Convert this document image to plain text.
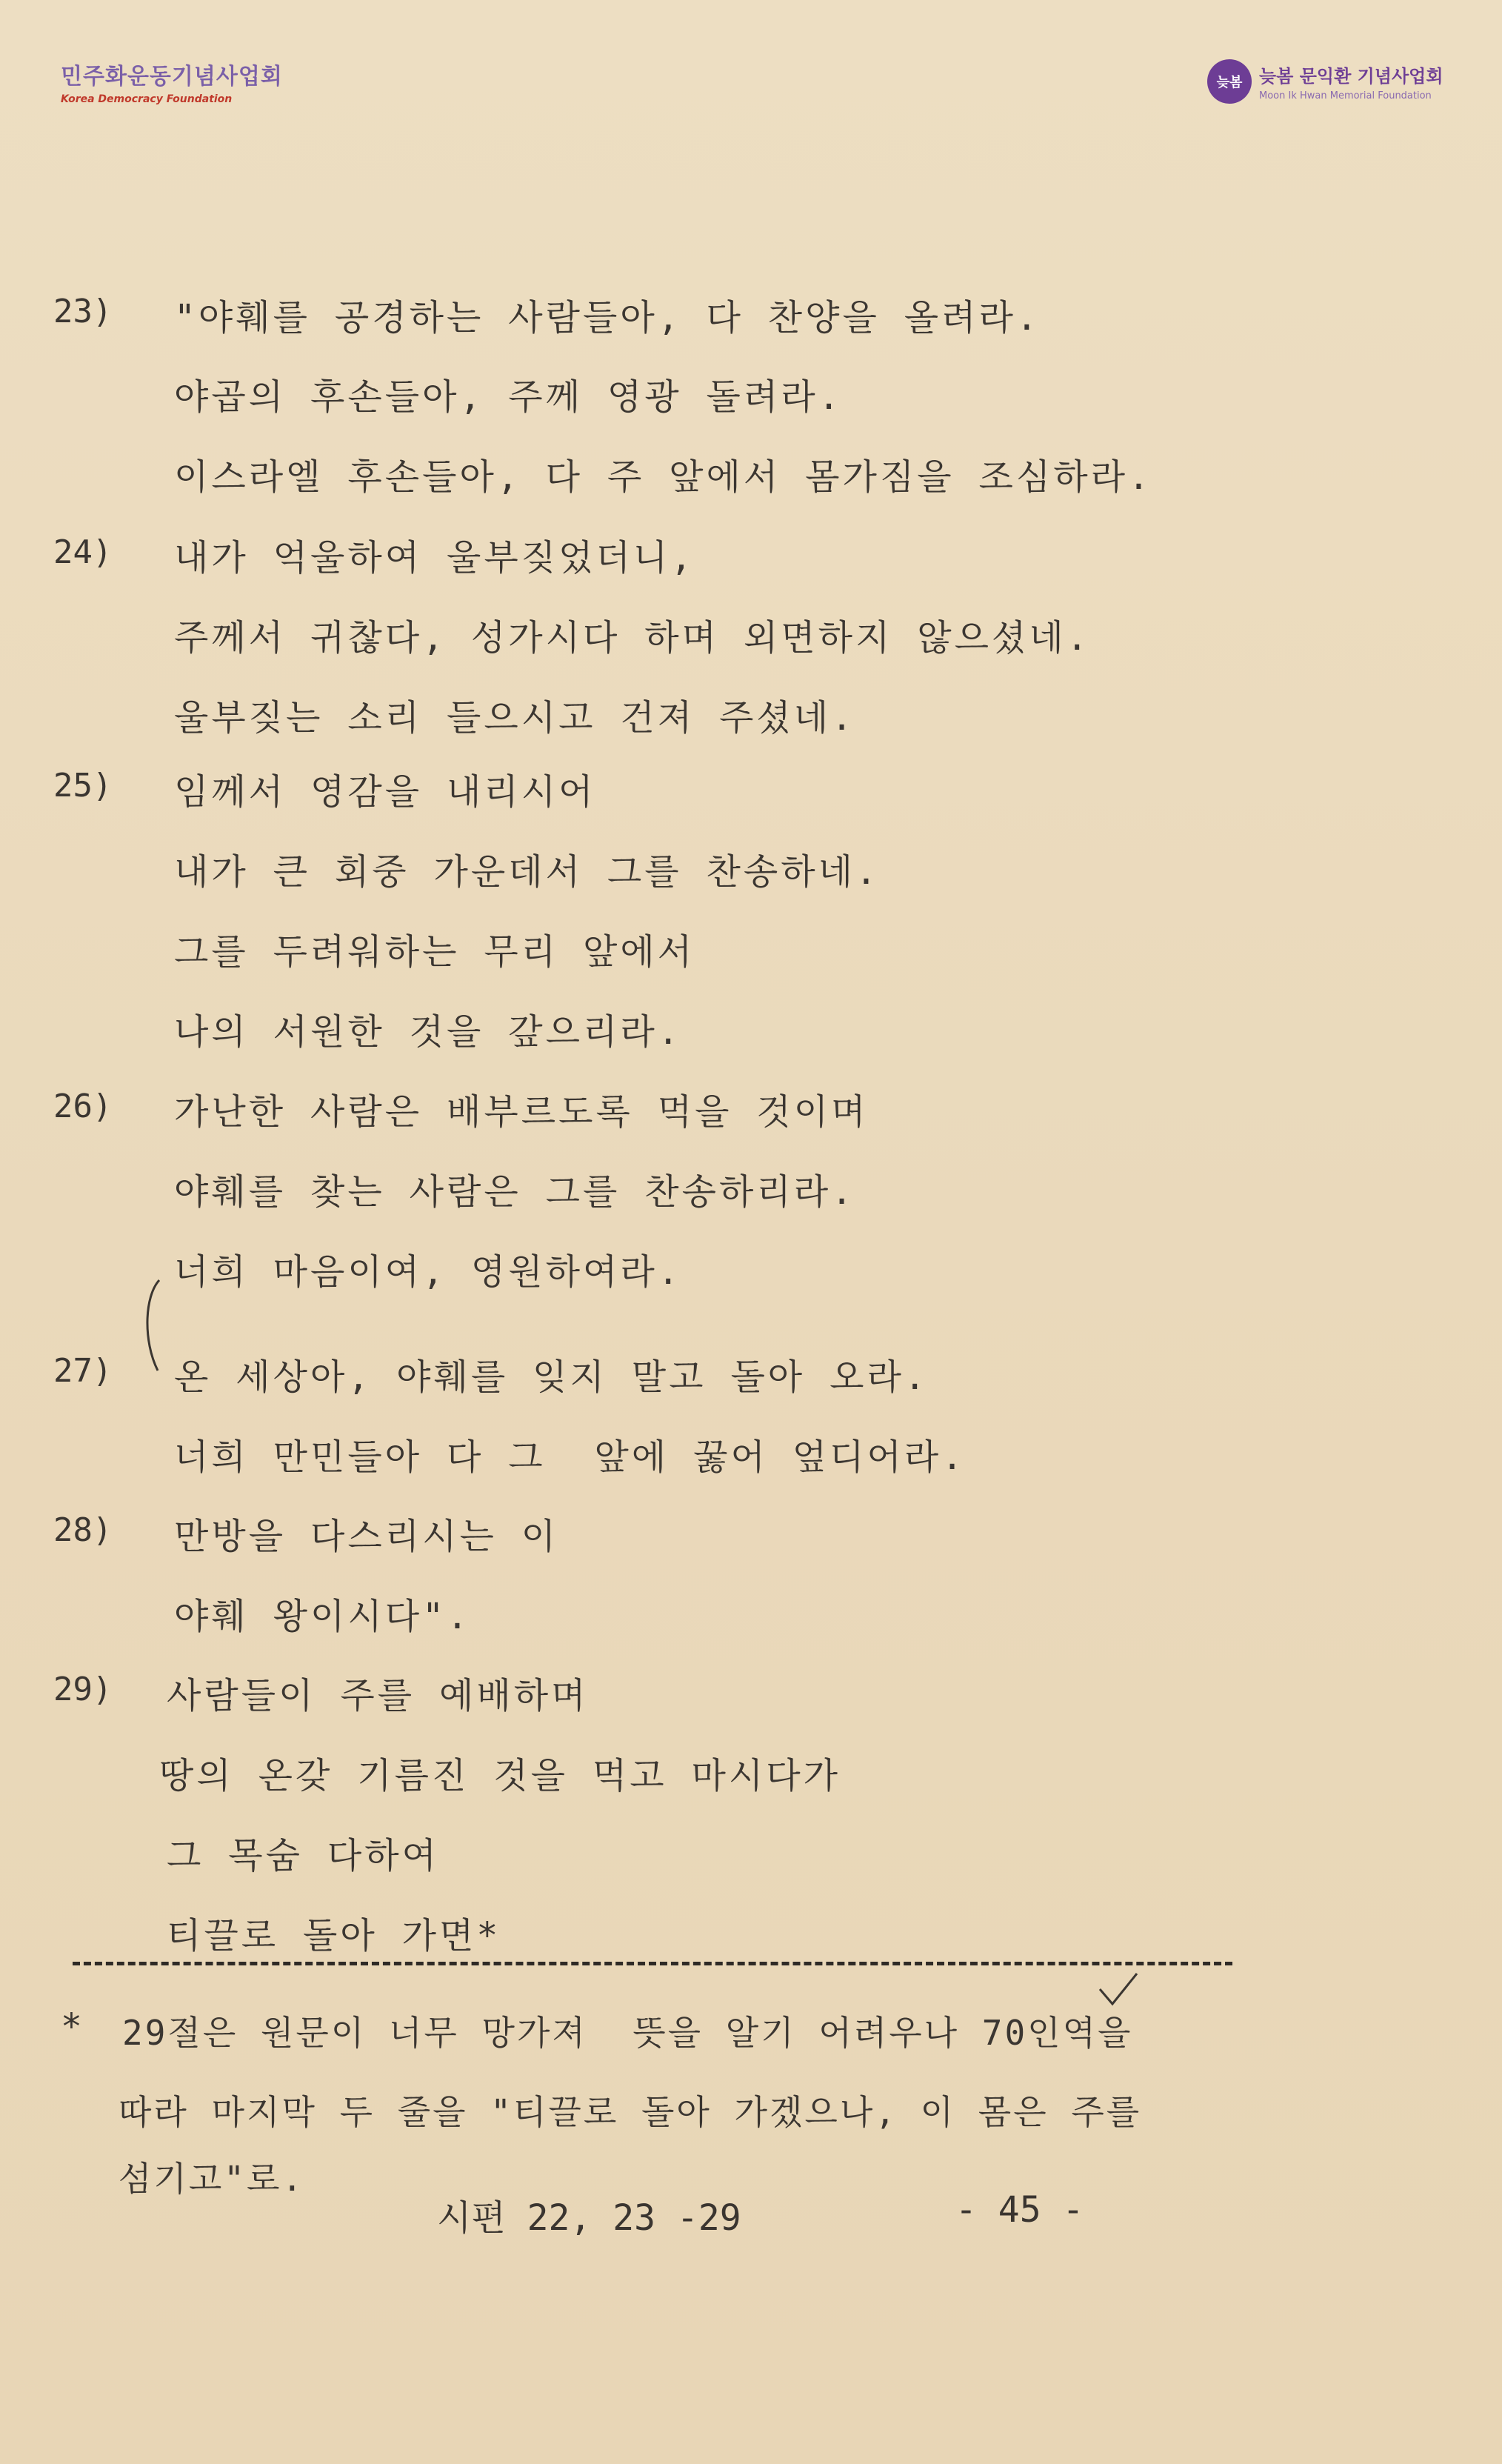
민주화운동기념사업회
Korea Democracy Foundation
늦봄 늦봄 문익환 기념사업회
Moon Ik Hwan Memorial Foundation
23) "야훼를 공경하는 사람들아, 다 찬양을 올려라.
야곱의 후손들아, 주께 영광 돌려라.
이스라엘 후손들아, 다 주 앞에서 몸가짐을 조심하라.
24) 내가 억울하여 울부짖었더니,
주께서 귀찮다, 성가시다 하며 외면하지 않으셨네.
울부짖는 소리 들으시고 건져 주셨네.
25) 임께서 영감을 내리시어
내가 큰 회중 가운데서 그를 찬송하네.
그를 두려워하는 무리 앞에서
나의 서원한 것을 갚으리라.
26) 가난한 사람은 배부르도록 먹을 것이며
야훼를 찾는 사람은 그를 찬송하리라.
너희 마음이여, 영원하여라.
27) 온 세상아, 야훼를 잊지 말고 돌아 오라.
너희 만민들아 다 그  앞에 꿇어 엎디어라.
28) 만방을 다스리시는 이
야훼 왕이시다".
29) 사람들이 주를 예배하며
땅의 온갖 기름진 것을 먹고 마시다가
그 목숨 다하여
티끌로 돌아 가면*
* 29절은 원문이 너무 망가져  뜻을 알기 어려우나 70인역을
따라 마지막 두 줄을 "티끌로 돌아 가겠으나, 이 몸은 주를
섬기고"로.
시편 22, 23 -29	- 45 -
